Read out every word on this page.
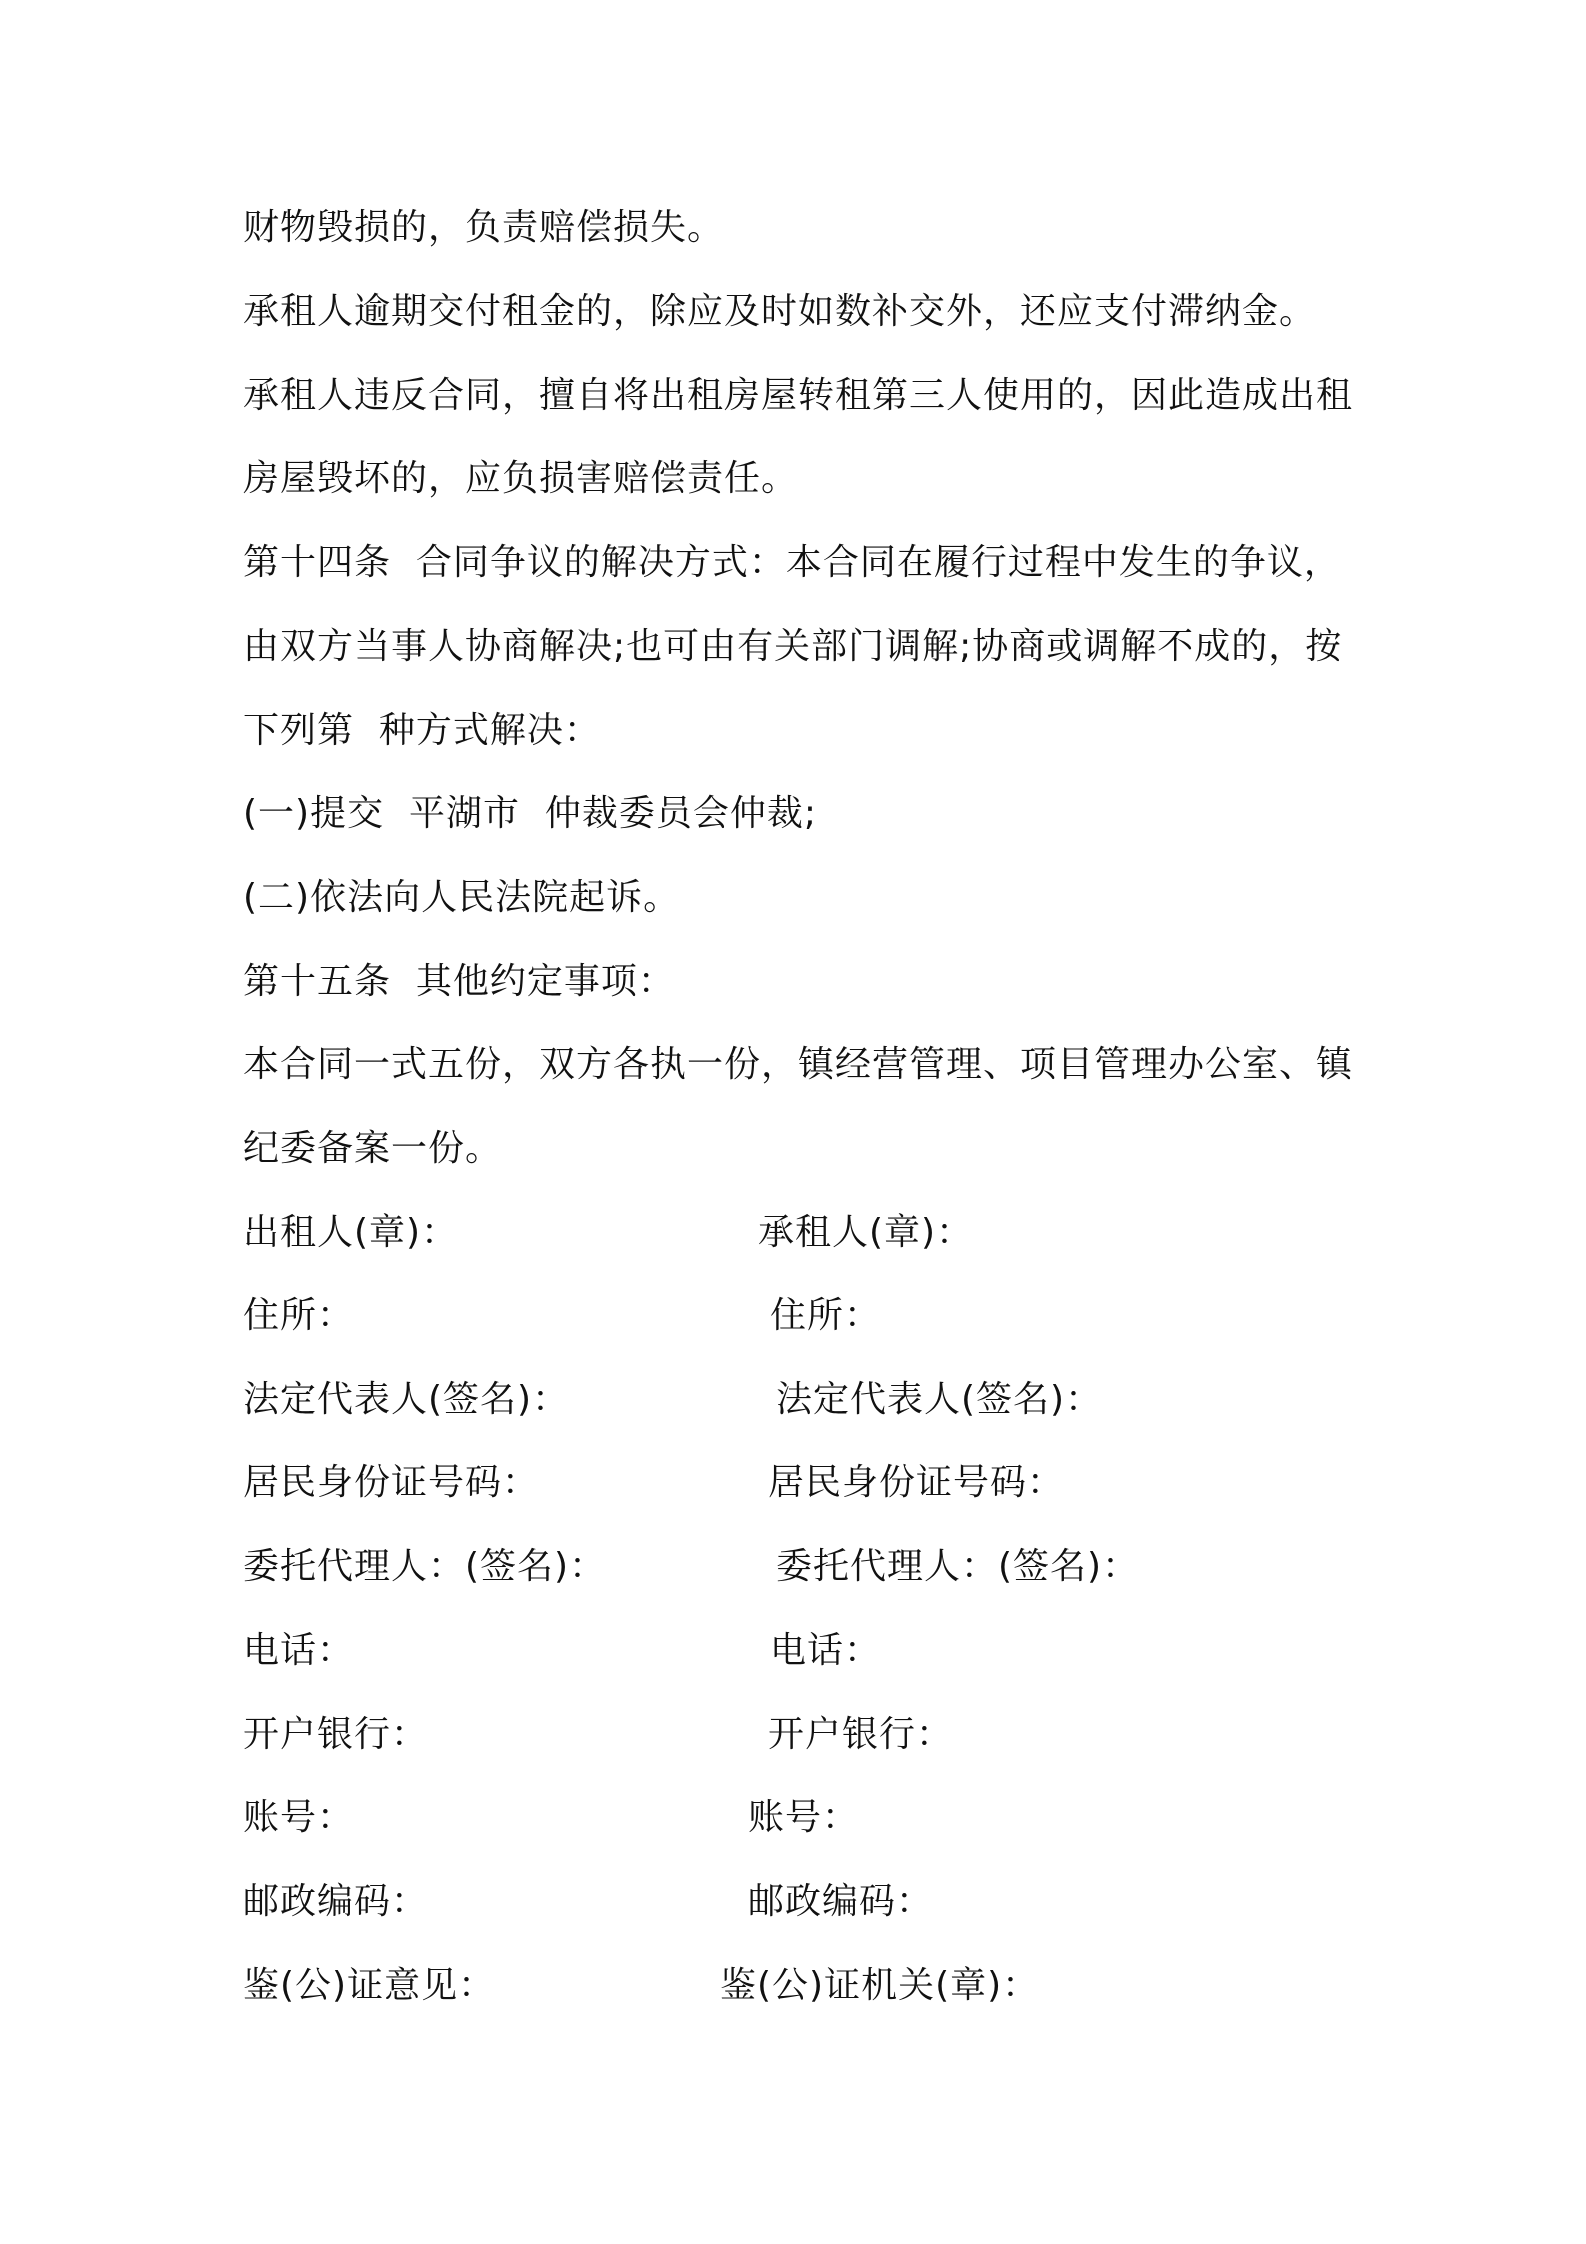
财物毁损的，负责赔偿损失。
承租人逾期交付租金的，除应及时如数补交外，还应支付滞纳金。
承租人违反合同，擅自将出租房屋转租第三人使用的，因此造成出租
房屋毁坏的，应负损害赔偿责任。
第十四条  合同争议的解决方式：本合同在履行过程中发生的争议，
由双方当事人协商解决;也可由有关部门调解;协商或调解不成的，按
下列第  种方式解决：
(一)提交  平湖市  仲裁委员会仲裁;
(二)依法向人民法院起诉。
第十五条  其他约定事项：
本合同一式五份，双方各执一份，镇经营管理、项目管理办公室、镇
纪委备案一份。
出租人(章)：
住所：
法定代表人(签名)：
居民身份证号码：
委托代理人：(签名)：
电话：
开户银行：
账号：
邮政编码：
鉴(公)证意见：
承租人(章)：
住所：
法定代表人(签名)：
居民身份证号码：
委托代理人：(签名)：
电话：
开户银行：
账号：
邮政编码：
鉴(公)证机关(章)：
